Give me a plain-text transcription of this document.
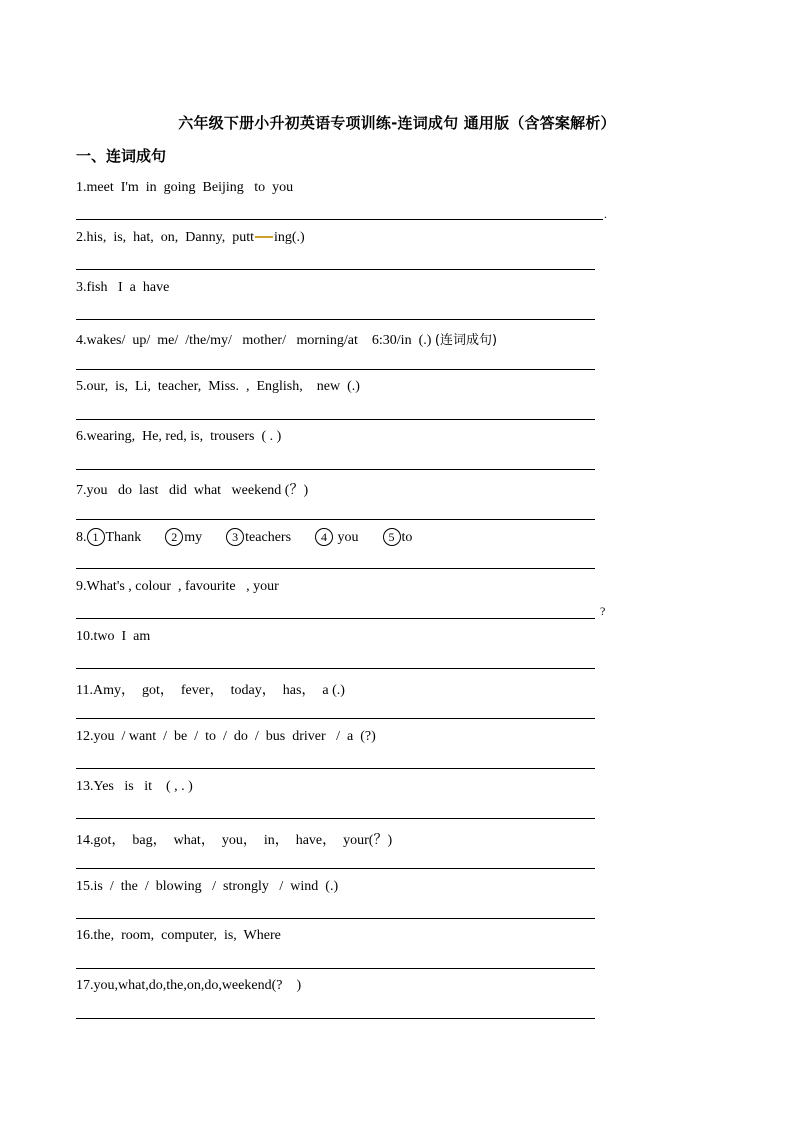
六年级下册小升初英语专项训练-连词成句 通用版（含答案解析）
一、连词成句
1.meet  I'm  in  going  Beijing   to  you
.
2.his,  is,  hat,  on,  Danny,  putt ing(.)
3.fish   I  a  have
4.wakes/  up/  me/  /the/my/   mother/   morning/at    6:30/in  (.) (连词成句)
5.our,  is,  Li,  teacher,  Miss.  ,  English,    new  (.)
6.wearing,  He, red, is,  trousers  ( . )
7.you   do  last   did  what   weekend (？)
8. 1 Thank	2 my	3 teachers	4 you	5 to
9.What's , colour  , favourite   , your
?
10.two  I  am
11.Amy，  got，  fever，  today，  has，  a (.)
12.you  / want  /  be  /  to  /  do  /  bus  driver   /  a  (?)
13.Yes   is   it    ( , . )
14.got，  bag，  what，  you，  in，  have，  your(？)
15.is  /  the  /  blowing   /  strongly   /  wind  (.)
16.the,  room,  computer,  is,  Where
17.you,what,do,the,on,do,weekend(?    )
